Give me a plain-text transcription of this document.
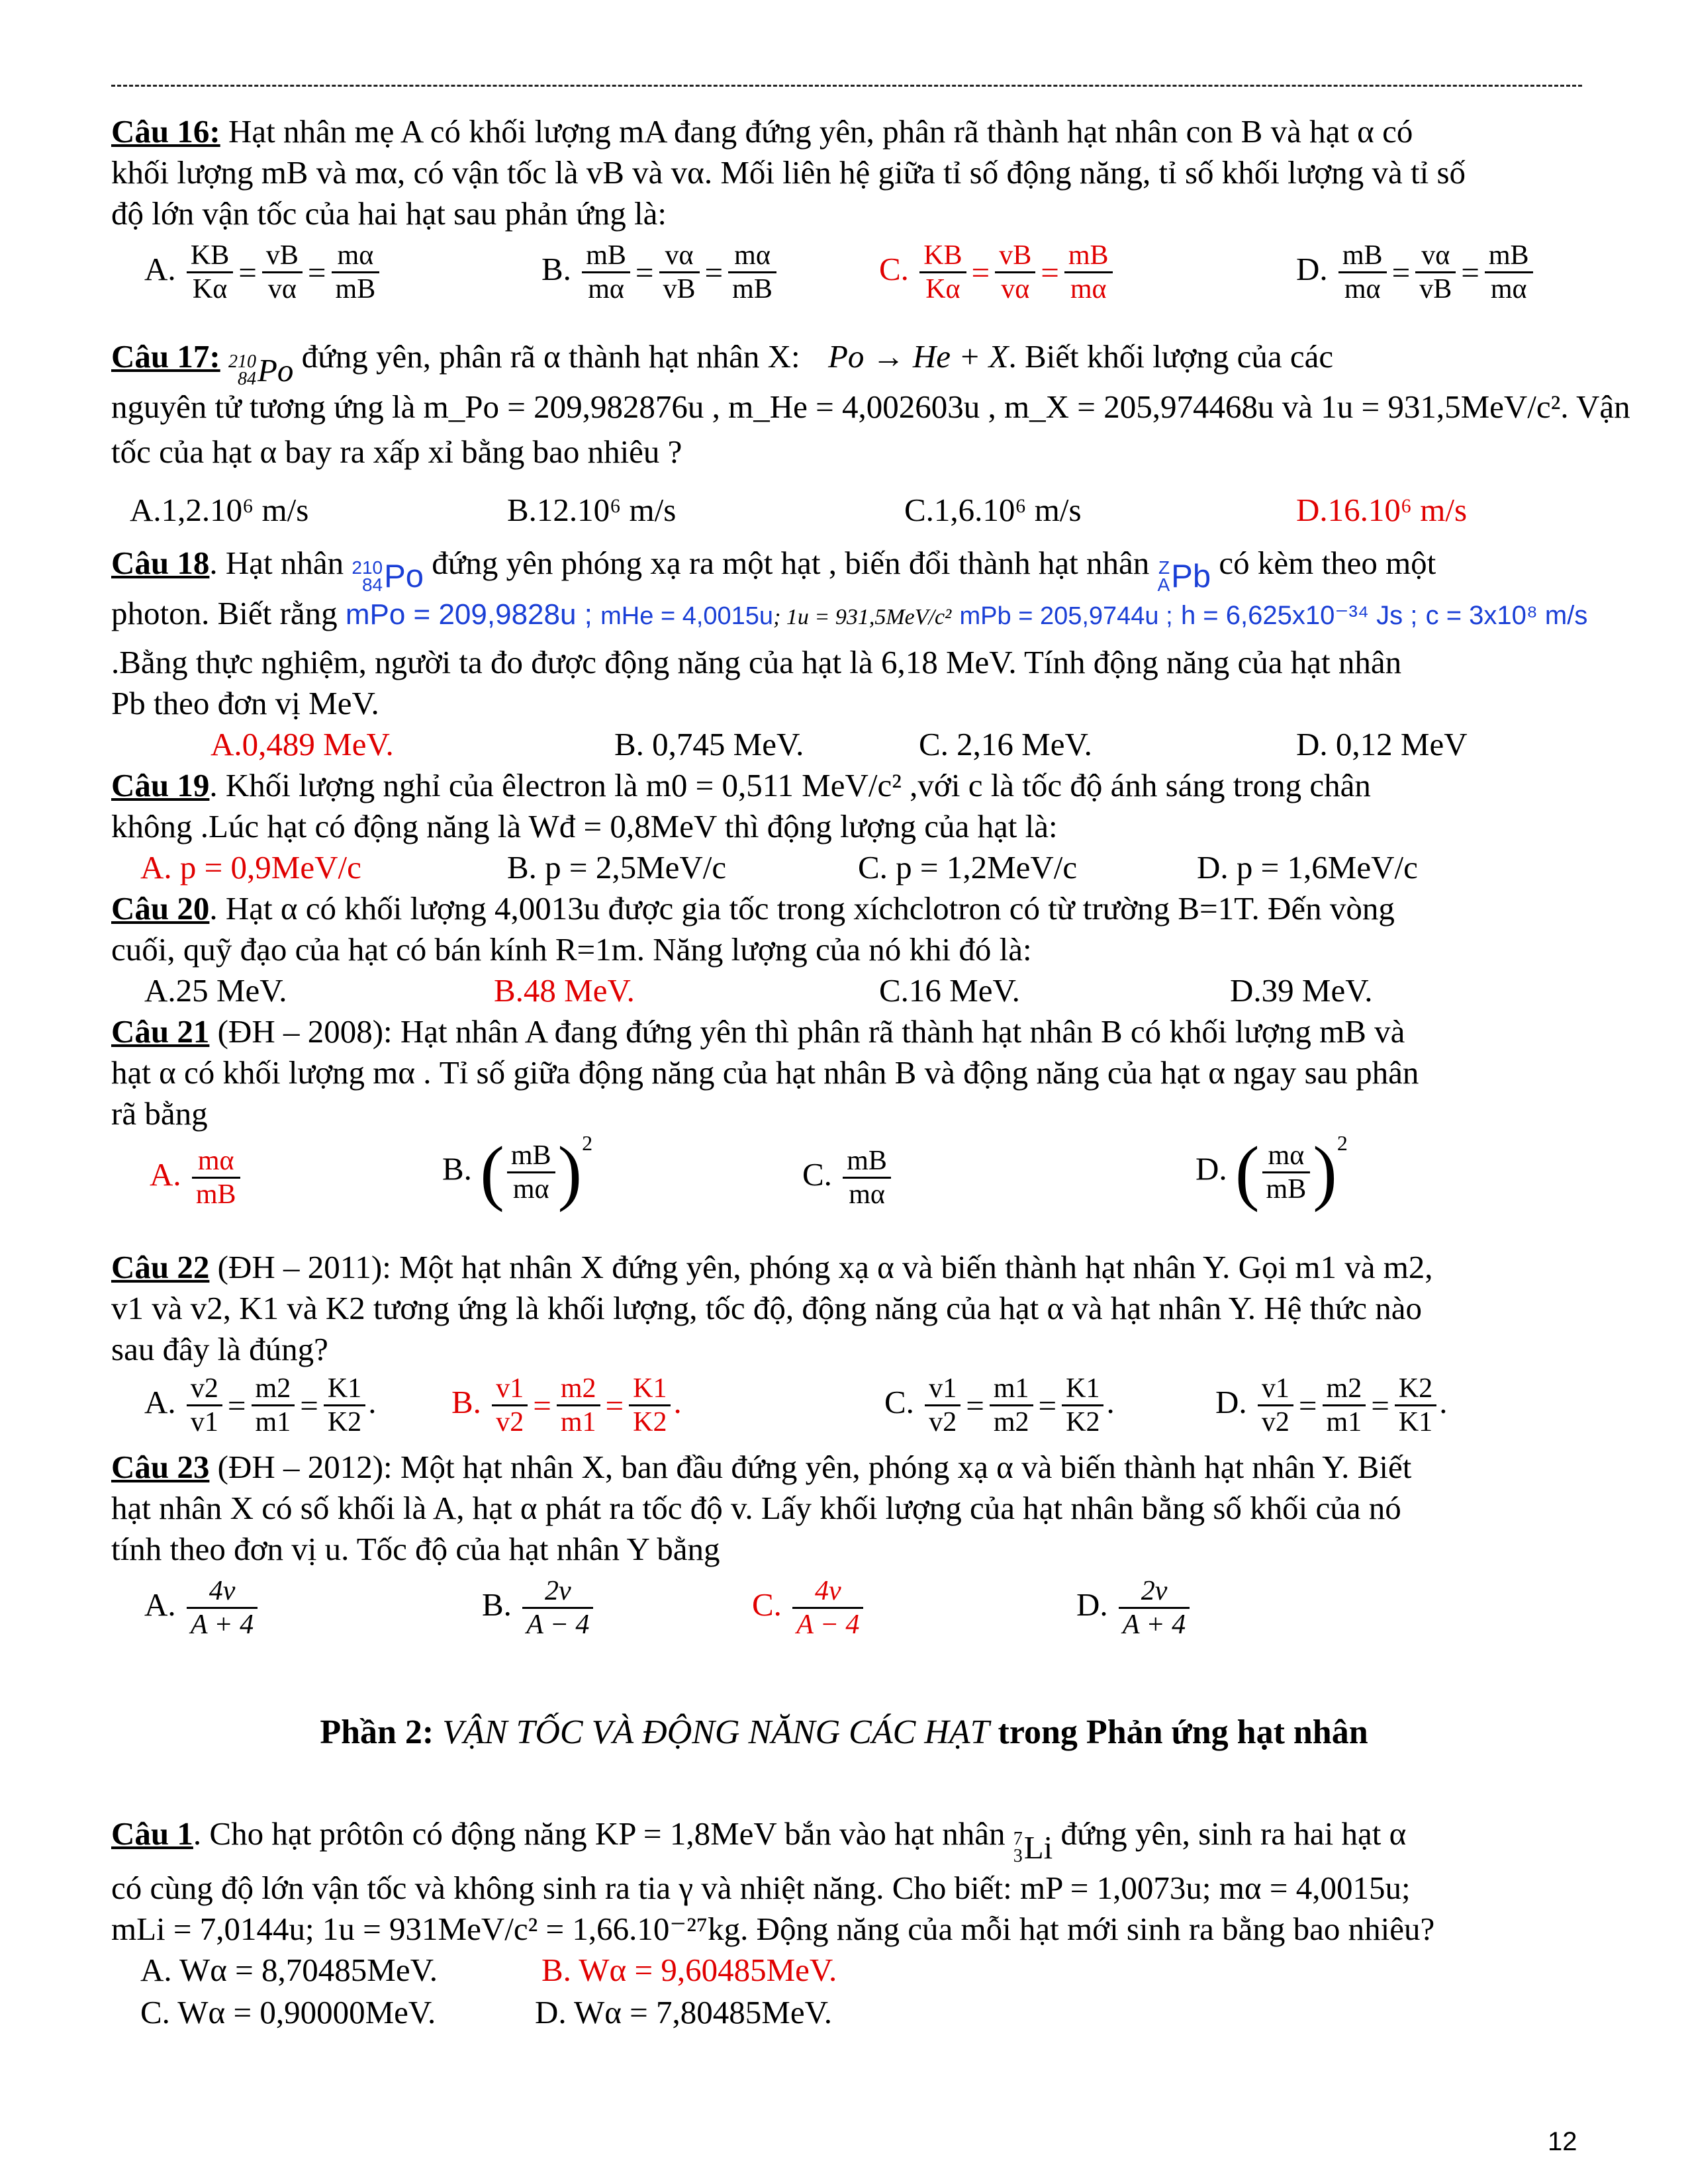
Câu 16: Hạt nhân mẹ A có khối lượng mA đang đứng yên, phân rã thành hạt nhân con B và hạt α có
khối lượng mB và mα, có vận tốc là vB và vα. Mối liên hệ giữa tỉ số động năng, tỉ số khối lượng và tỉ số
độ lớn vận tốc của hai hạt sau phản ứng là:
A. $\frac{KB}{K\alpha} = \frac{vB}{v\alpha} = \frac{m\alpha}{mB}$	B. $\frac{mB}{m\alpha} = \frac{v\alpha}{vB} = \frac{m\alpha}{mB}$	C. $\frac{KB}{K\alpha} = \frac{vB}{v\alpha} = \frac{mB}{m\alpha}$	D. $\frac{mB}{m\alpha} = \frac{v\alpha}{vB} = \frac{mB}{m\alpha}$
Câu 17: 210
84 Po đứng yên, phân rã α thành hạt nhân X: Po → He + X. Biết khối lượng của các
nguyên tử tương ứng là m_Po = 209,982876u , m_He = 4,002603u , m_X = 205,974468u và 1u = 931,5MeV/c². Vận
tốc của hạt α bay ra xấp xỉ bằng bao nhiêu ?
A.1,2.10⁶ m/s	B.12.10⁶ m/s	C.1,6.10⁶ m/s	D.16.10⁶ m/s
Câu 18. Hạt nhân 210
84 Po đứng yên phóng xạ ra một hạt , biến đổi thành hạt nhân Z
A Pb có kèm theo một
photon. Biết rằng mPo = 209,9828u ; mHe = 4,0015u; 1u = 931,5MeV/c² mPb = 205,9744u ; h = 6,625x10⁻³⁴ Js ; c = 3x10⁸ m/s
.Bằng thực nghiệm, người ta đo được động năng của hạt là 6,18 MeV. Tính động năng của hạt nhân
Pb theo đơn vị MeV.
A.0,489 MeV.	B. 0,745 MeV.	C. 2,16 MeV.	D. 0,12 MeV
Câu 19. Khối lượng nghỉ của êlectron là m0 = 0,511 MeV/c² ,với c là tốc độ ánh sáng trong chân
không .Lúc hạt có động năng là Wđ = 0,8MeV thì động lượng của hạt là:
A. p = 0,9MeV/c	B. p = 2,5MeV/c	C. p = 1,2MeV/c	D. p = 1,6MeV/c
Câu 20. Hạt α có khối lượng 4,0013u được gia tốc trong xíchclotron có từ trường B=1T. Đến vòng
cuối, quỹ đạo của hạt có bán kính R=1m. Năng lượng của nó khi đó là:
A.25 MeV.	B.48 MeV.	C.16 MeV.	D.39 MeV.
Câu 21 (ĐH – 2008): Hạt nhân A đang đứng yên thì phân rã thành hạt nhân B có khối lượng mB và
hạt α có khối lượng mα . Tỉ số giữa động năng của hạt nhân B và động năng của hạt α ngay sau phân
rã bằng
A. $\frac{m\alpha}{mB}$	B. ( $\frac{mB}{m\alpha} )2$
C. $\frac{mB}{m\alpha}$	D. ( $\frac{m\alpha}{mB} )2$
Câu 22 (ĐH – 2011): Một hạt nhân X đứng yên, phóng xạ α và biến thành hạt nhân Y. Gọi m1 và m2,
v1 và v2, K1 và K2 tương ứng là khối lượng, tốc độ, động năng của hạt α và hạt nhân Y. Hệ thức nào
sau đây là đúng?
A. $\frac{v2}{v1} = \frac{m2}{m1} = \frac{K1}{K2}$ . B. $\frac{v1}{v2} = \frac{m2}{m1} = \frac{K1}{K2}$ .	C. $\frac{v1}{v2} = \frac{m1}{m2} = \frac{K1}{K2}$ .	D. $\frac{v1}{v2} = \frac{m2}{m1} = \frac{K2}{K1}$ .
Câu 23 (ĐH – 2012): Một hạt nhân X, ban đầu đứng yên, phóng xạ α và biến thành hạt nhân Y. Biết
hạt nhân X có số khối là A, hạt α phát ra tốc độ v. Lấy khối lượng của hạt nhân bằng số khối của nó
tính theo đơn vị u. Tốc độ của hạt nhân Y bằng
A. $\frac{4v}{A + 4}$	B. $\frac{2v}{A - 4}$	C. $\frac{4v}{A - 4}$	D. $\frac{2v}{A + 4}$
Phần 2: VẬN TỐC VÀ ĐỘNG NĂNG CÁC HẠT trong Phản ứng hạt nhân
Câu 1. Cho hạt prôtôn có động năng KP = 1,8MeV bắn vào hạt nhân 7
3 Li đứng yên, sinh ra hai hạt α
có cùng độ lớn vận tốc và không sinh ra tia γ và nhiệt năng. Cho biết: mP = 1,0073u; mα = 4,0015u;
mLi = 7,0144u; 1u = 931MeV/c² = 1,66.10⁻²⁷kg. Động năng của mỗi hạt mới sinh ra bằng bao nhiêu?
A. Wα = 8,70485MeV.	B. Wα = 9,60485MeV.
C. Wα = 0,90000MeV.	D. Wα = 7,80485MeV.
12
